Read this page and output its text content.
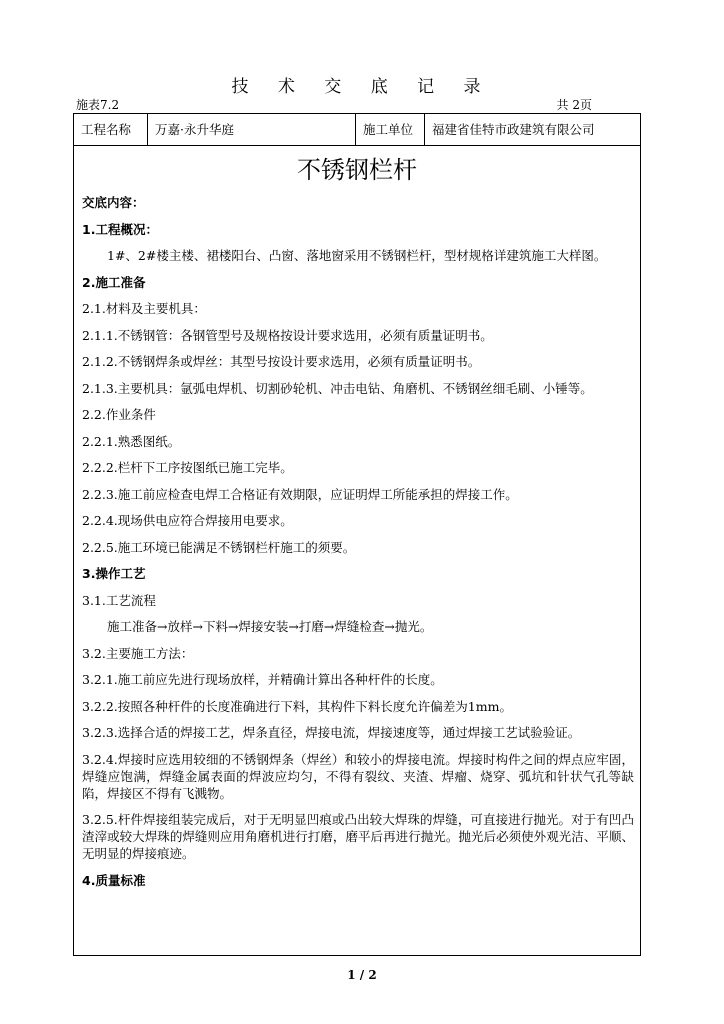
技 术 交 底 记 录
施表7.2	共 2页
工程名称	万嘉·永升华庭	施工单位	福建省佳特市政建筑有限公司
不锈钢栏杆
交底内容：
1.工程概况：
1#、2#楼主楼、裙楼阳台、凸窗、落地窗采用不锈钢栏杆，型材规格详建筑施工大样图。
2.施工准备
2.1.材料及主要机具：
2.1.1.不锈钢管：各钢管型号及规格按设计要求选用，必须有质量证明书。
2.1.2.不锈钢焊条或焊丝：其型号按设计要求选用，必须有质量证明书。
2.1.3.主要机具：氩弧电焊机、切割砂轮机、冲击电钻、角磨机、不锈钢丝细毛刷、小锤等。
2.2.作业条件
2.2.1.熟悉图纸。
2.2.2.栏杆下工序按图纸已施工完毕。
2.2.3.施工前应检查电焊工合格证有效期限，应证明焊工所能承担的焊接工作。
2.2.4.现场供电应符合焊接用电要求。
2.2.5.施工环境已能满足不锈钢栏杆施工的须要。
3.操作工艺
3.1.工艺流程
施工准备→放样→下料→焊接安装→打磨→焊缝检查→抛光。
3.2.主要施工方法：
3.2.1.施工前应先进行现场放样，并精确计算出各种杆件的长度。
3.2.2.按照各种杆件的长度准确进行下料，其构件下料长度允许偏差为1mm。
3.2.3.选择合适的焊接工艺，焊条直径，焊接电流，焊接速度等，通过焊接工艺试验验证。
3.2.4.焊接时应选用较细的不锈钢焊条（焊丝）和较小的焊接电流。焊接时构件之间的焊点应牢固，焊缝应饱满，焊缝金属表面的焊波应均匀，不得有裂纹、夹渣、焊瘤、烧穿、弧坑和针状气孔等缺陷，焊接区不得有飞溅物。
3.2.5.杆件焊接组装完成后，对于无明显凹痕或凸出较大焊珠的焊缝，可直接进行抛光。对于有凹凸渣滓或较大焊珠的焊缝则应用角磨机进行打磨，磨平后再进行抛光。抛光后必须使外观光洁、平顺、无明显的焊接痕迹。
4.质量标准
1 / 2
